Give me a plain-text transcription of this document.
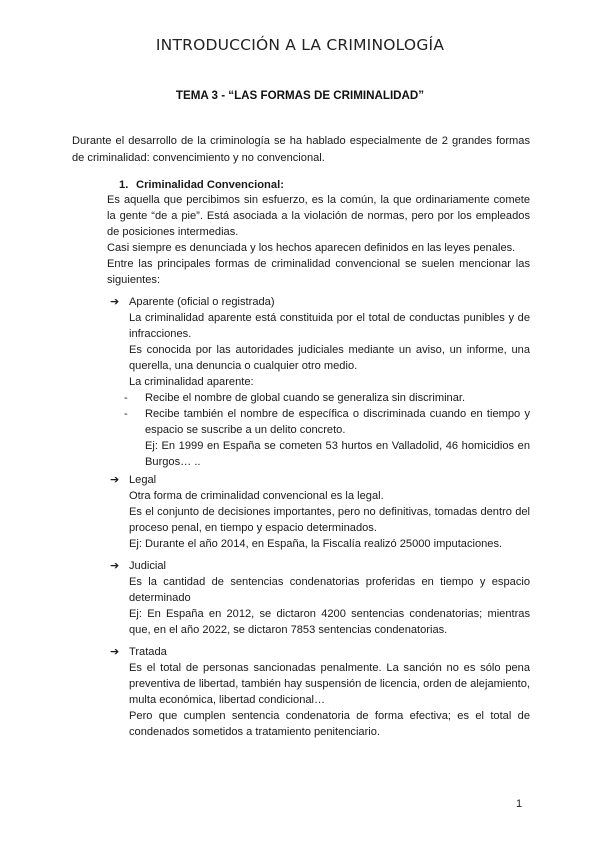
INTRODUCCIÓN A LA CRIMINOLOGÍA
TEMA 3 - “LAS FORMAS DE CRIMINALIDAD”

Durante el desarrollo de la criminología se ha hablado especialmente de 2 grandes formas de criminalidad: convencimiento y no convencional.

1. Criminalidad Convencional:

Es aquella que percibimos sin esfuerzo, es la común, la que ordinariamente comete la gente “de a pie”. Está asociada a la violación de normas, pero por los empleados de posiciones intermedias.

Casi siempre es denunciada y los hechos aparecen definidos en las leyes penales.

Entre las principales formas de criminalidad convencional se suelen mencionar las siguientes:

➔ Aparente (oficial o registrada)

La criminalidad aparente está constituida por el total de conductas punibles y de infracciones.

Es conocida por las autoridades judiciales mediante un aviso, un informe, una querella, una denuncia o cualquier otro medio.

La criminalidad aparente:

- Recibe el nombre de global cuando se generaliza sin discriminar.
- Recibe también el nombre de específica o discriminada cuando en tiempo y espacio se suscribe a un delito concreto.
Ej: En 1999 en España se cometen 53 hurtos en Valladolid, 46 homicidios en Burgos… ..
➔ Legal

Otra forma de criminalidad convencional es la legal.

Es el conjunto de decisiones importantes, pero no definitivas, tomadas dentro del proceso penal, en tiempo y espacio determinados.

Ej: Durante el año 2014, en España, la Fiscalía realizó 25000 imputaciones.

➔ Judicial

Es la cantidad de sentencias condenatorias proferidas en tiempo y espacio determinado

Ej: En España en 2012, se dictaron 4200 sentencias condenatorias; mientras que, en el año 2022, se dictaron 7853 sentencias condenatorias.

➔ Tratada

Es el total de personas sancionadas penalmente. La sanción no es sólo pena preventiva de libertad, también hay suspensión de licencia, orden de alejamiento, multa económica, libertad condicional…

Pero que cumplen sentencia condenatoria de forma efectiva; es el total de condenados sometidos a tratamiento penitenciario.

1
